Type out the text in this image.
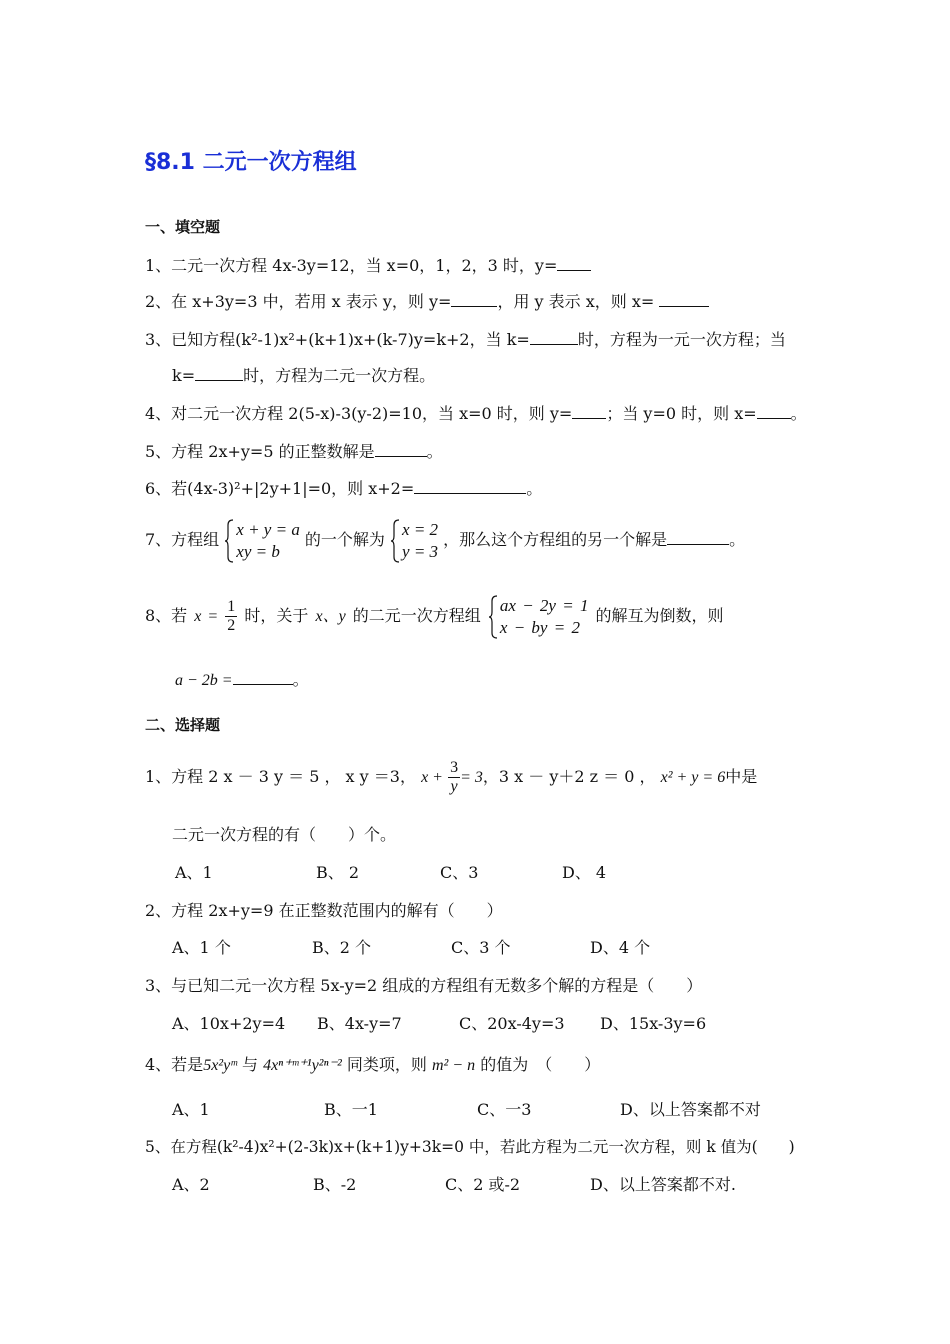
§8.1 二元一次方程组
一、填空题
1、二元一次方程 4x-3y=12，当 x=0，1，2，3 时，y=
2、在 x+3y=3 中，若用 x 表示 y，则 y=	，用 y 表示 x，则 x=
3、已知方程(k²-1)x²+(k+1)x+(k-7)y=k+2，当 k=	时，方程为一元一次方程；当
k=	时，方程为二元一次方程。
4、对二元一次方程 2(5-x)-3(y-2)=10，当 x=0 时，则 y= ；当 y=0 时，则 x= 。
5、方程 2x+y=5 的正整数解是	。
6、若(4x-3)²+|2y+1|=0，则 x+2=	。
7、方程组
x + y = a
xy = b
的一个解为
x = 2
y = 3
，那么这个方程组的另一个解是	。
8、若 $x = \frac{1}{2}$ 时，关于 x、y 的二元一次方程组
ax − 2y = 1
x − by = 2
的解互为倒数，则
a − 2b =	。
二、选择题
1、方程 2 x － 3 y ＝ 5 ， x y ＝3， $x + \frac{3}{y} = 3$，3 x － y＋2 z ＝ 0 ， x² + y = 6中是
二元一次方程的有（　　）个。
A、1	B、 2	C、3	D、 4
2、方程 2x+y=9 在正整数范围内的解有（　　）
A、1 个	B、2 个	C、3 个	D、4 个
3、与已知二元一次方程 5x-y=2 组成的方程组有无数多个解的方程是（　　）
A、10x+2y=4 B、4x-y=7	C、20x-4y=3 D、15x-3y=6
4、若是5x²yᵐ 与 4xⁿ⁺ᵐ⁺¹y²ⁿ⁻² 同类项，则 m² − n 的值为　（　　）
A、1	B、一1	C、一3	D、以上答案都不对
5、在方程(k²-4)x²+(2-3k)x+(k+1)y+3k=0 中，若此方程为二元一次方程，则 k 值为(　　)
A、2	B、-2	C、2 或-2	D、以上答案都不对.
